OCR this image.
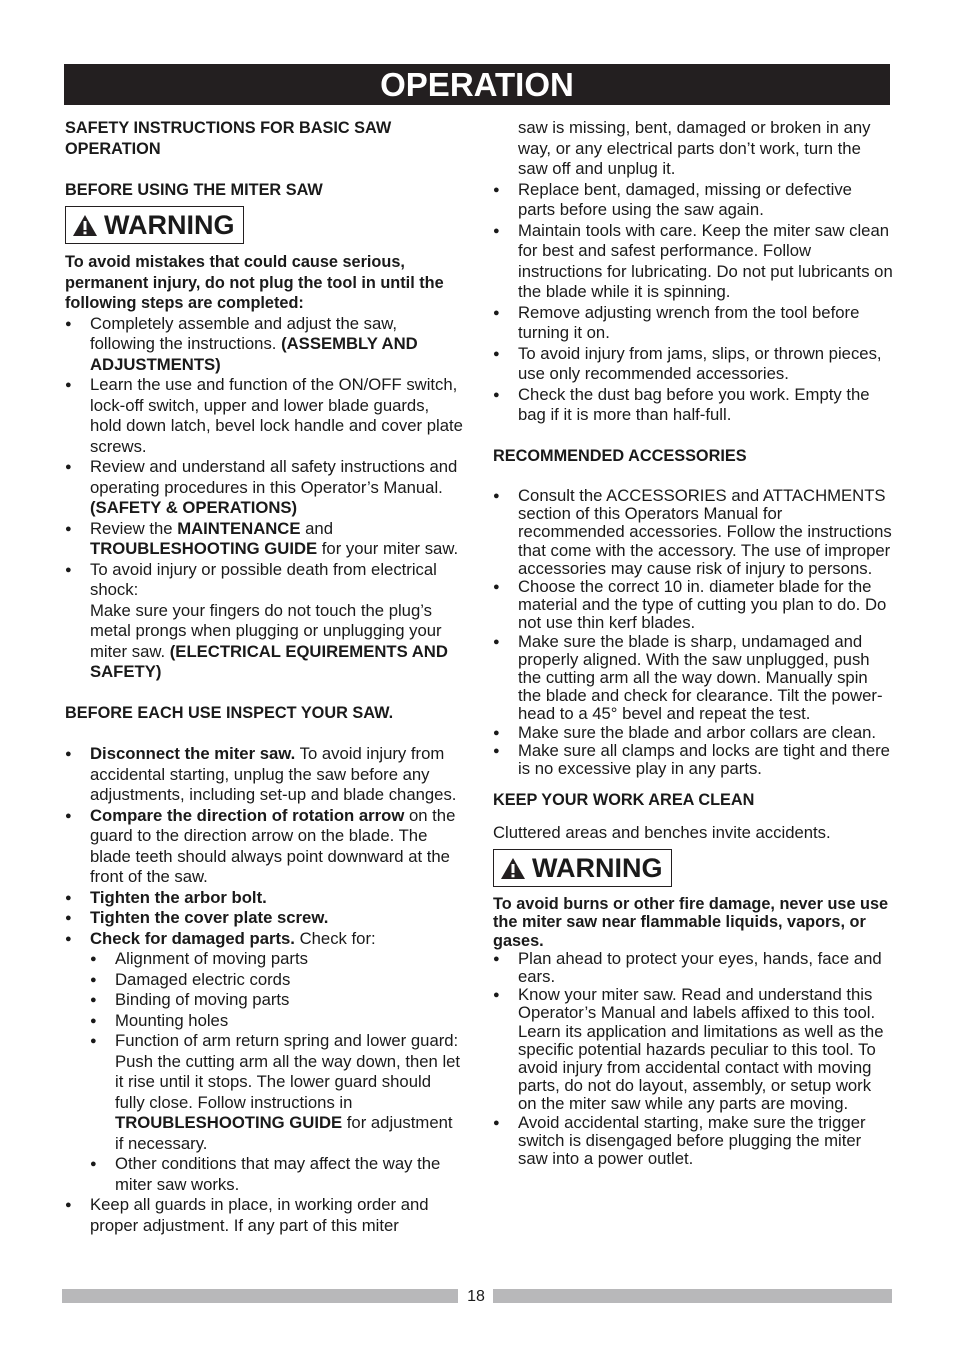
OPERATION

SAFETY INSTRUCTIONS FOR BASIC SAW OPERATION

BEFORE USING THE MITER SAW

WARNING

To avoid mistakes that could cause serious, permanent injury, do not plug the tool in until the following steps are completed:

● Completely assemble and adjust the saw, following the instructions. (ASSEMBLY AND ADJUSTMENTS)
● Learn the use and function of the ON/OFF switch, lock-off switch, upper and lower blade guards, hold down latch, bevel lock handle and cover plate screws.
● Review and understand all safety instructions and operating procedures in this Operator’s Manual. (SAFETY & OPERATIONS)
● Review the MAINTENANCE and TROUBLESHOOTING GUIDE for your miter saw.
● To avoid injury or possible death from electrical shock:
Make sure your fingers do not touch the plug’s metal prongs when plugging or unplugging your miter saw. (ELECTRICAL EQUIREMENTS AND SAFETY)

BEFORE EACH USE INSPECT YOUR SAW.

● Disconnect the miter saw. To avoid injury from accidental starting, unplug the saw before any adjustments, including set-up and blade changes.
● Compare the direction of rotation arrow on the guard to the direction arrow on the blade. The blade teeth should always point downward at the front of the saw.
● Tighten the arbor bolt.
● Tighten the cover plate screw.
● Check for damaged parts. Check for:
● Alignment of moving parts
● Damaged electric cords
● Binding of moving parts
● Mounting holes
● Function of arm return spring and lower guard: Push the cutting arm all the way down, then let it rise until it stops. The lower guard should fully close. Follow instructions in TROUBLESHOOTING GUIDE for adjustment if necessary.
● Other conditions that may affect the way the miter saw works.
● Keep all guards in place, in working order and proper adjustment. If any part of this miter
saw is missing, bent, damaged or broken in any way, or any electrical parts don’t work, turn the saw off and unplug it.
● Replace bent, damaged, missing or defective parts before using the saw again.
● Maintain tools with care. Keep the miter saw clean for best and safest performance. Follow instructions for lubricating. Do not put lubricants on the blade while it is spinning.
● Remove adjusting wrench from the tool before turning it on.
● To avoid injury from jams, slips, or thrown pieces, use only recommended accessories.
● Check the dust bag before you work. Empty the bag if it is more than half-full.

RECOMMENDED ACCESSORIES

● Consult the ACCESSORIES and ATTACHMENTS section of this Operators Manual for recommended accessories. Follow the instructions that come with the accessory. The use of improper accessories may cause risk of injury to persons.
● Choose the correct 10 in. diameter blade for the material and the type of cutting you plan to do. Do not use thin kerf blades.
● Make sure the blade is sharp, undamaged and properly aligned. With the saw unplugged, push the cutting arm all the way down. Manually spin the blade and check for clearance. Tilt the power-head to a 45° bevel and repeat the test.
● Make sure the blade and arbor collars are clean.
● Make sure all clamps and locks are tight and there is no excessive play in any parts.

KEEP YOUR WORK AREA CLEAN

Cluttered areas and benches invite accidents.
WARNING

To avoid burns or other fire damage, never use use the miter saw near flammable liquids, vapors, or gases.

● Plan ahead to protect your eyes, hands, face and ears.
● Know your miter saw. Read and understand this Operator’s Manual and labels affixed to this tool. Learn its application and limitations as well as the specific potential hazards peculiar to this tool. To avoid injury from accidental contact with moving parts, do not do layout, assembly, or setup work on the miter saw while any parts are moving.
● Avoid accidental starting, make sure the trigger switch is disengaged before plugging the miter saw into a power outlet.
18
